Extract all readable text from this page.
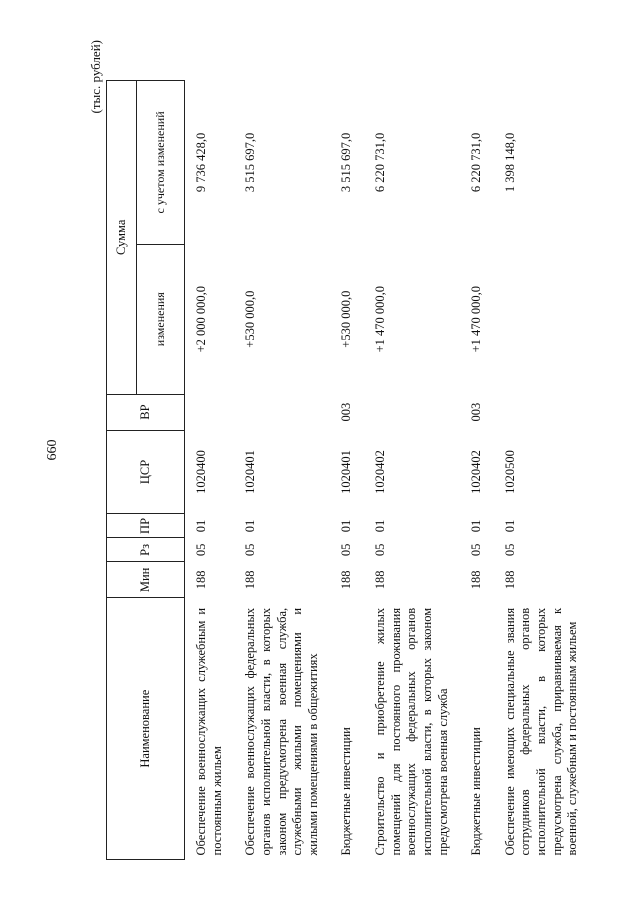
660
(тыс. рублей)
Наименование	Мин	Рз	ПР	ЦСР	ВР	Сумма	
						изменения	с учетом изменений
Обеспечение военнослужащих служебным и постоянным жильем	188	05	01	1020400		+2 000 000,0	9 736 428,0
Обеспечение военнослужащих федеральных органов исполнительной власти, в которых законом предусмотрена военная служба, служебными жилыми помещениями и жилыми помещениями в общежитиях	188	05	01	1020401		+530 000,0	3 515 697,0
Бюджетные инвестиции	188	05	01	1020401	003	+530 000,0	3 515 697,0
Строительство и приобретение жилых помещений для постоянного проживания военнослужащих федеральных органов исполнительной власти, в которых законом предусмотрена военная служба	188	05	01	1020402		+1 470 000,0	6 220 731,0
Бюджетные инвестиции	188	05	01	1020402	003	+1 470 000,0	6 220 731,0
Обеспечение имеющих специальные звания сотрудников федеральных органов исполнительной власти, в которых предусмотрена служба, приравниваемая к военной, служебным и постоянным жильем	188	05	01	1020500			1 398 148,0
